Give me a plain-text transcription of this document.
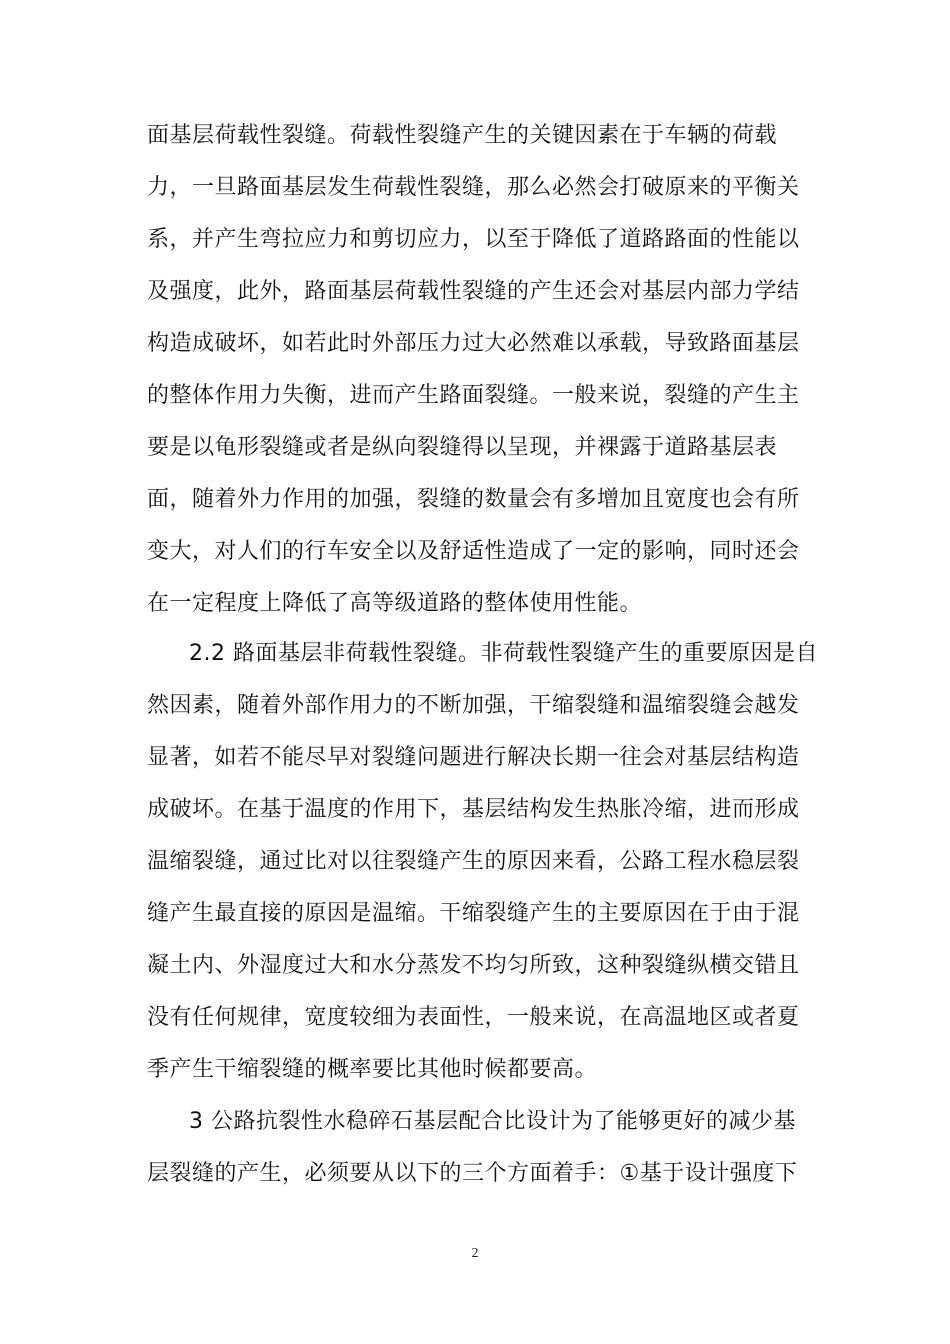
面基层荷载性裂缝。荷载性裂缝产生的关键因素在于车辆的荷载
力，一旦路面基层发生荷载性裂缝，那么必然会打破原来的平衡关
系，并产生弯拉应力和剪切应力，以至于降低了道路路面的性能以
及强度，此外，路面基层荷载性裂缝的产生还会对基层内部力学结
构造成破坏，如若此时外部压力过大必然难以承载，导致路面基层
的整体作用力失衡，进而产生路面裂缝。一般来说，裂缝的产生主
要是以龟形裂缝或者是纵向裂缝得以呈现，并裸露于道路基层表
面，随着外力作用的加强，裂缝的数量会有多增加且宽度也会有所
变大，对人们的行车安全以及舒适性造成了一定的影响，同时还会
在一定程度上降低了高等级道路的整体使用性能。
2.2 路面基层非荷载性裂缝。非荷载性裂缝产生的重要原因是自
然因素，随着外部作用力的不断加强，干缩裂缝和温缩裂缝会越发
显著，如若不能尽早对裂缝问题进行解决长期一往会对基层结构造
成破坏。在基于温度的作用下，基层结构发生热胀冷缩，进而形成
温缩裂缝，通过比对以往裂缝产生的原因来看，公路工程水稳层裂
缝产生最直接的原因是温缩。干缩裂缝产生的主要原因在于由于混
凝土内、外湿度过大和水分蒸发不均匀所致，这种裂缝纵横交错且
没有任何规律，宽度较细为表面性，一般来说，在高温地区或者夏
季产生干缩裂缝的概率要比其他时候都要高。
3 公路抗裂性水稳碎石基层配合比设计为了能够更好的减少基
层裂缝的产生，必须要从以下的三个方面着手：①基于设计强度下
2
